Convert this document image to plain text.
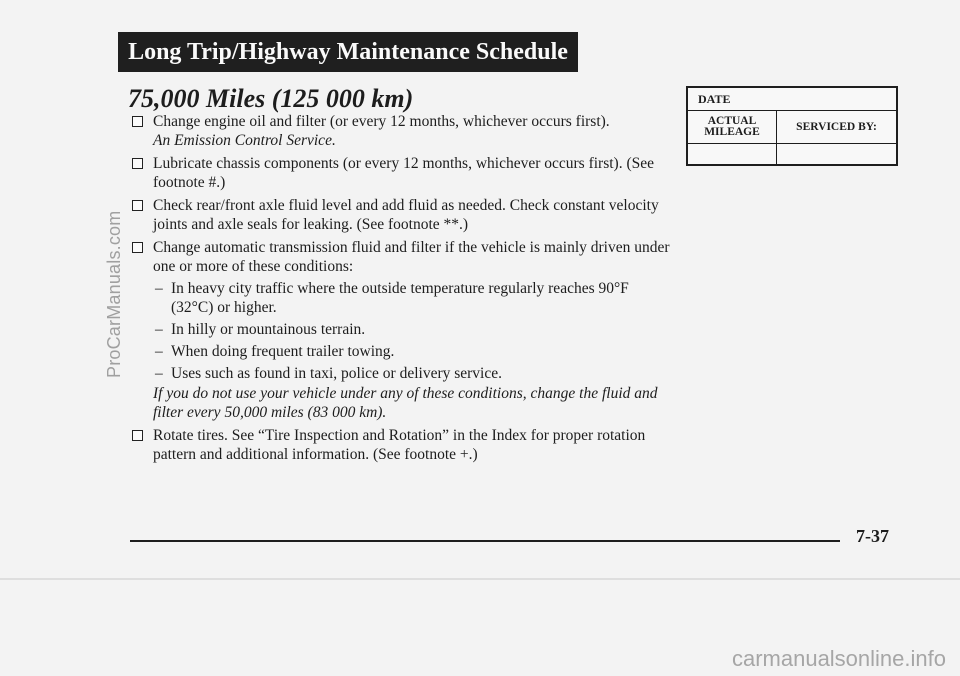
ProCarManuals.com
Long Trip/Highway Maintenance Schedule
75,000 Miles (125 000 km)
Change engine oil and filter (or every 12 months, whichever occurs first).
An Emission Control Service.
Lubricate chassis components (or every 12 months, whichever occurs first). (See footnote #.)
Check rear/front axle fluid level and add fluid as needed. Check constant velocity joints and axle seals for leaking. (See footnote **.)
Change automatic transmission fluid and filter if the vehicle is mainly driven under one or more of these conditions:
– In heavy city traffic where the outside temperature regularly reaches 90°F (32°C) or higher.
– In hilly or mountainous terrain.
– When doing frequent trailer towing.
– Uses such as found in taxi, police or delivery service.
If you do not use your vehicle under any of these conditions, change the fluid and filter every 50,000 miles (83 000 km).
Rotate tires. See “Tire Inspection and Rotation” in the Index for proper rotation pattern and additional information. (See footnote +.)
DATE
ACTUAL MILEAGE	SERVICED BY:
7-37
carmanualsonline.info
